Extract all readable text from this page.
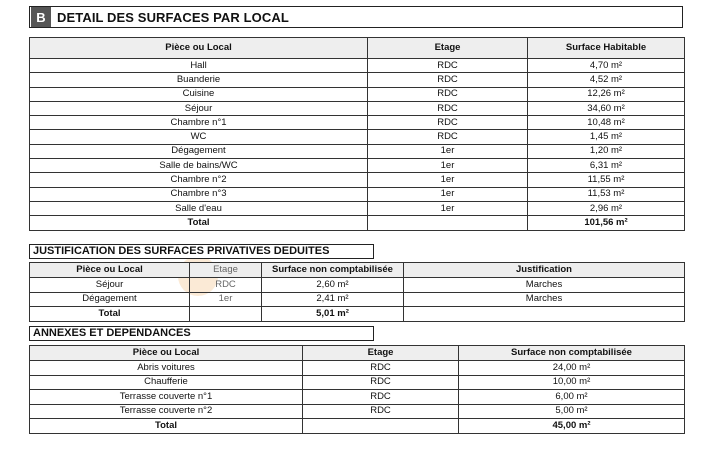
B DETAIL DES SURFACES PAR LOCAL
Pièce ou Local	Etage	Surface Habitable
Hall	RDC	4,70 m²
Buanderie	RDC	4,52 m²
Cuisine	RDC	12,26 m²
Séjour	RDC	34,60 m²
Chambre n°1	RDC	10,48 m²
WC	RDC	1,45 m²
Dégagement	1er	1,20 m²
Salle de bains/WC	1er	6,31 m²
Chambre n°2	1er	11,55 m²
Chambre n°3	1er	11,53 m²
Salle d'eau	1er	2,96 m²
Total		101,56 m²
JUSTIFICATION DES SURFACES PRIVATIVES DEDUITES
Pièce ou Local	Etage	Surface non comptabilisée	Justification
Séjour	RDC	2,60 m²	Marches
Dégagement	1er	2,41 m²	Marches
Total		5,01 m²	
ANNEXES ET DEPENDANCES
Pièce ou Local	Etage	Surface non comptabilisée
Abris voitures	RDC	24,00 m²
Chaufferie	RDC	10,00 m²
Terrasse couverte n°1	RDC	6,00 m²
Terrasse couverte n°2	RDC	5,00 m²
Total		45,00 m²
